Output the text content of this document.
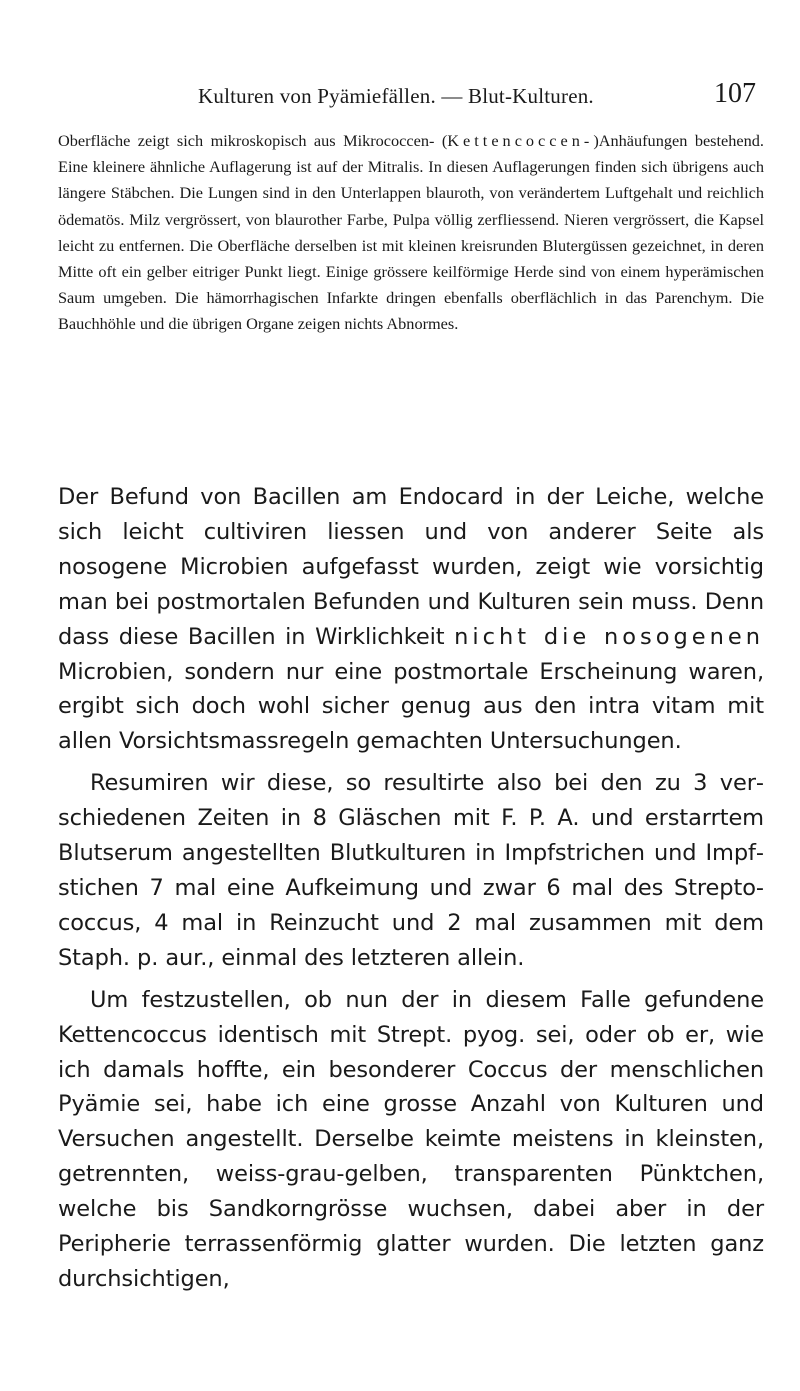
Kulturen von Pyämiefällen. — Blut-Kulturen.	107
Oberfläche zeigt sich mikroskopisch aus Mikrococcen- (Kettencoccen-)Anhäufungen bestehend. Eine kleinere ähnliche Auflagerung ist auf der Mitralis. In diesen Auflagerungen finden sich übrigens auch längere Stäbchen. Die Lungen sind in den Unterlappen blauroth, von verändertem Luftgehalt und reichlich ödematös. Milz vergrössert, von blaurother Farbe, Pulpa völlig zerfliessend. Nieren vergrössert, die Kapsel leicht zu entfernen. Die Oberfläche derselben ist mit kleinen kreisrunden Blutergüssen gezeichnet, in deren Mitte oft ein gelber eitriger Punkt liegt. Einige grössere keilförmige Herde sind von einem hyperämischen Saum umgeben. Die hämorrhagischen Infarkte dringen ebenfalls oberflächlich in das Parenchym. Die Bauchhöhle und die übrigen Organe zeigen nichts Abnormes.

Der Befund von Bacillen am Endocard in der Leiche, welche sich leicht cultiviren liessen und von anderer Seite als nosogene Microbien aufgefasst wurden, zeigt wie vorsichtig man bei postmortalen Befunden und Kulturen sein muss. Denn dass diese Bacillen in Wirklichkeit nicht die nosogenen Microbien, sondern nur eine postmortale Erscheinung waren, ergibt sich doch wohl sicher genug aus den intra vitam mit allen Vorsichtsmassregeln gemachten Untersuchungen.

Resumiren wir diese, so resultirte also bei den zu 3 verschiedenen Zeiten in 8 Gläschen mit F. P. A. und erstarrtem Blutserum angestellten Blutkulturen in Impfstrichen und Impfstichen 7 mal eine Aufkeimung und zwar 6 mal des Streptococcus, 4 mal in Reinzucht und 2 mal zusammen mit dem Staph. p. aur., einmal des letzteren allein.

Um festzustellen, ob nun der in diesem Falle gefundene Kettencoccus identisch mit Strept. pyog. sei, oder ob er, wie ich damals hoffte, ein besonderer Coccus der menschlichen Pyämie sei, habe ich eine grosse Anzahl von Kulturen und Versuchen angestellt. Derselbe keimte meistens in kleinsten, getrennten, weiss-grau-gelben, transparenten Pünktchen, welche bis Sandkorngrösse wuchsen, dabei aber in der Peripherie terrassenförmig glatter wurden. Die letzten ganz durchsichtigen,
